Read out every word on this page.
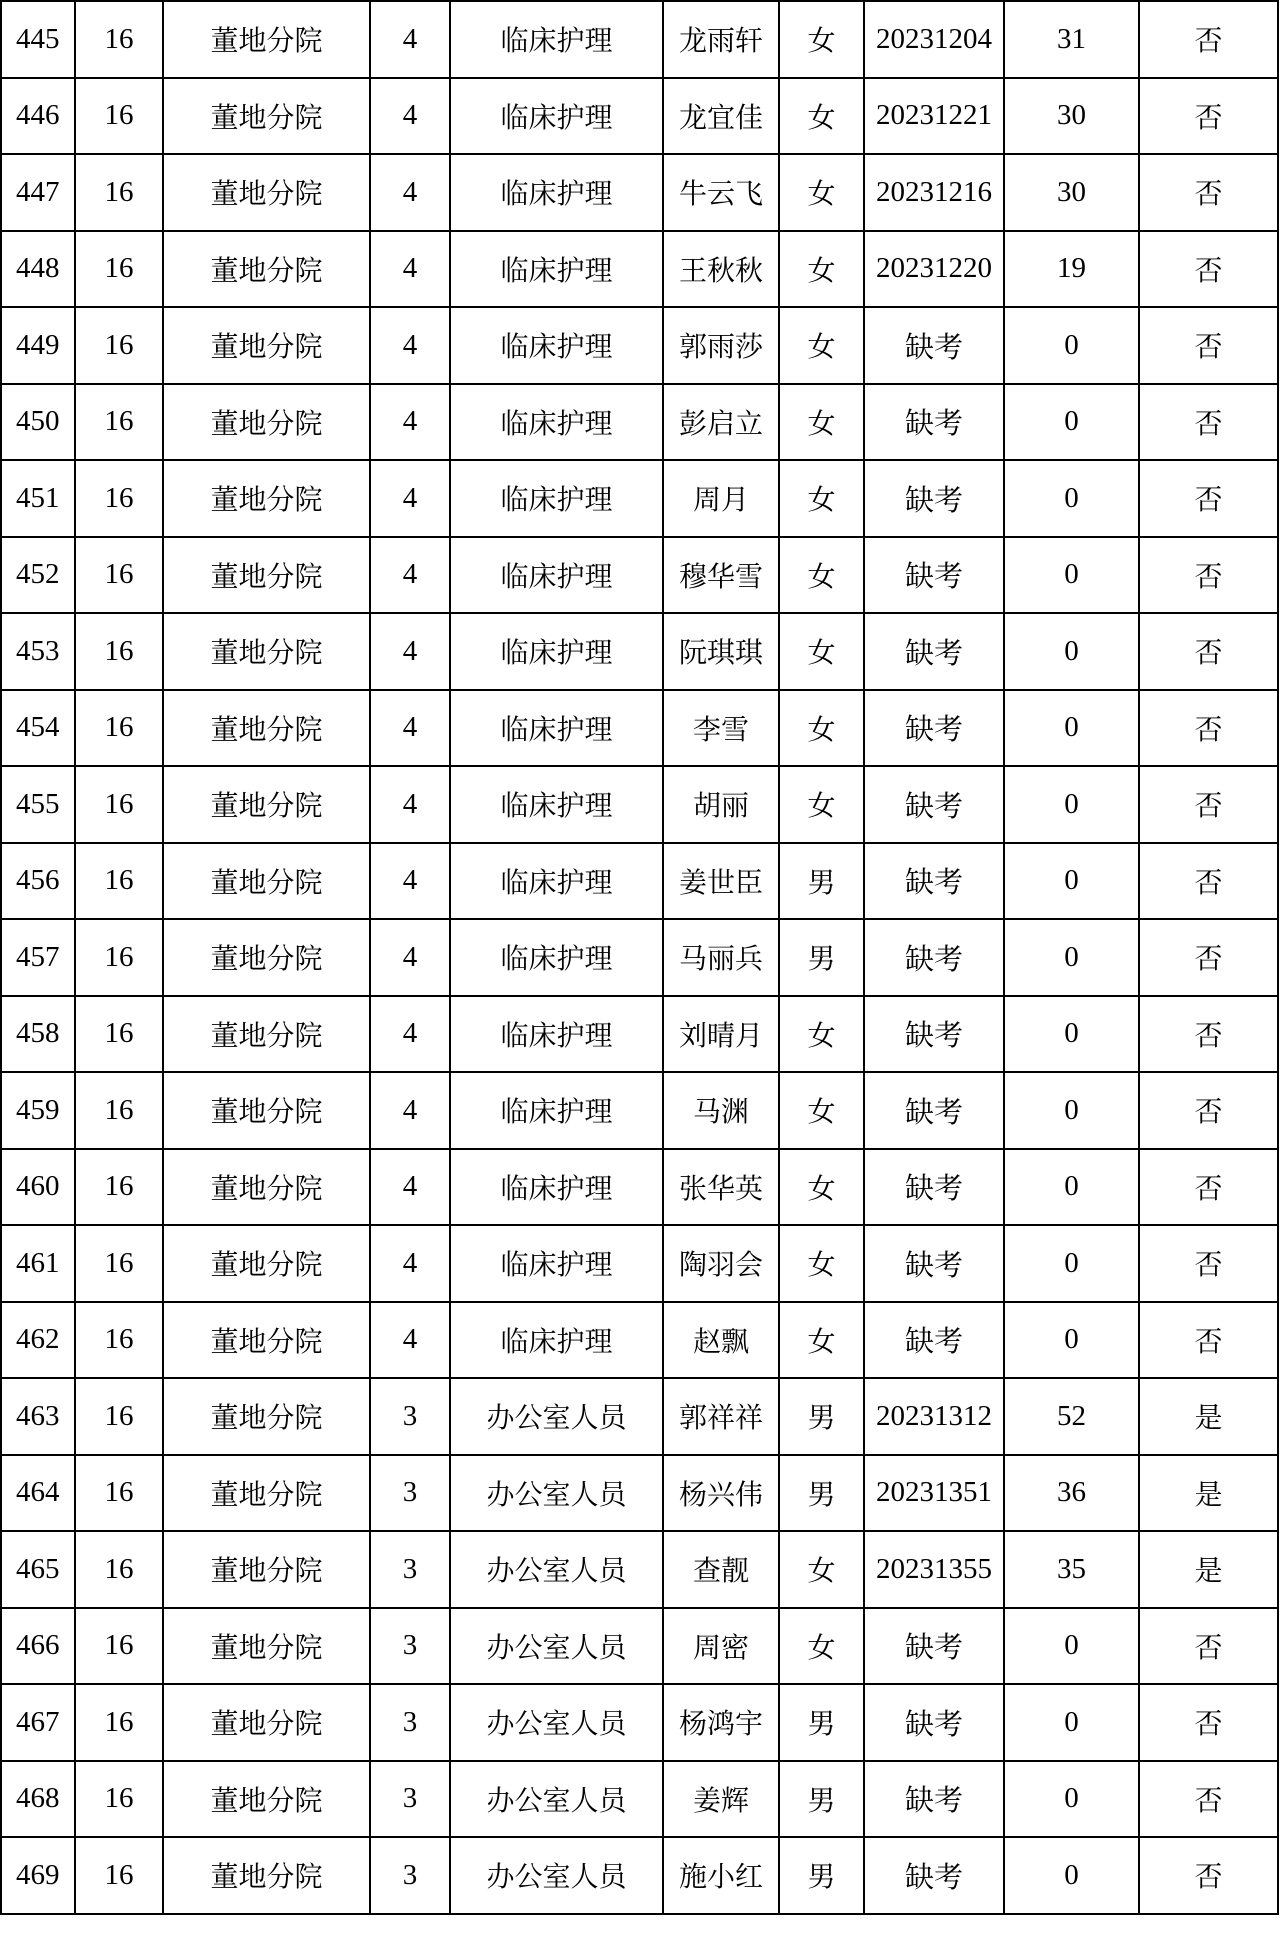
445	16	董地分院	4	临床护理	龙雨轩	女	20231204	31	否
446	16	董地分院	4	临床护理	龙宜佳	女	20231221	30	否
447	16	董地分院	4	临床护理	牛云飞	女	20231216	30	否
448	16	董地分院	4	临床护理	王秋秋	女	20231220	19	否
449	16	董地分院	4	临床护理	郭雨莎	女	缺考	0	否
450	16	董地分院	4	临床护理	彭启立	女	缺考	0	否
451	16	董地分院	4	临床护理	周月	女	缺考	0	否
452	16	董地分院	4	临床护理	穆华雪	女	缺考	0	否
453	16	董地分院	4	临床护理	阮琪琪	女	缺考	0	否
454	16	董地分院	4	临床护理	李雪	女	缺考	0	否
455	16	董地分院	4	临床护理	胡丽	女	缺考	0	否
456	16	董地分院	4	临床护理	姜世臣	男	缺考	0	否
457	16	董地分院	4	临床护理	马丽兵	男	缺考	0	否
458	16	董地分院	4	临床护理	刘晴月	女	缺考	0	否
459	16	董地分院	4	临床护理	马渊	女	缺考	0	否
460	16	董地分院	4	临床护理	张华英	女	缺考	0	否
461	16	董地分院	4	临床护理	陶羽会	女	缺考	0	否
462	16	董地分院	4	临床护理	赵飘	女	缺考	0	否
463	16	董地分院	3	办公室人员	郭祥祥	男	20231312	52	是
464	16	董地分院	3	办公室人员	杨兴伟	男	20231351	36	是
465	16	董地分院	3	办公室人员	查靓	女	20231355	35	是
466	16	董地分院	3	办公室人员	周密	女	缺考	0	否
467	16	董地分院	3	办公室人员	杨鸿宇	男	缺考	0	否
468	16	董地分院	3	办公室人员	姜辉	男	缺考	0	否
469	16	董地分院	3	办公室人员	施小红	男	缺考	0	否
